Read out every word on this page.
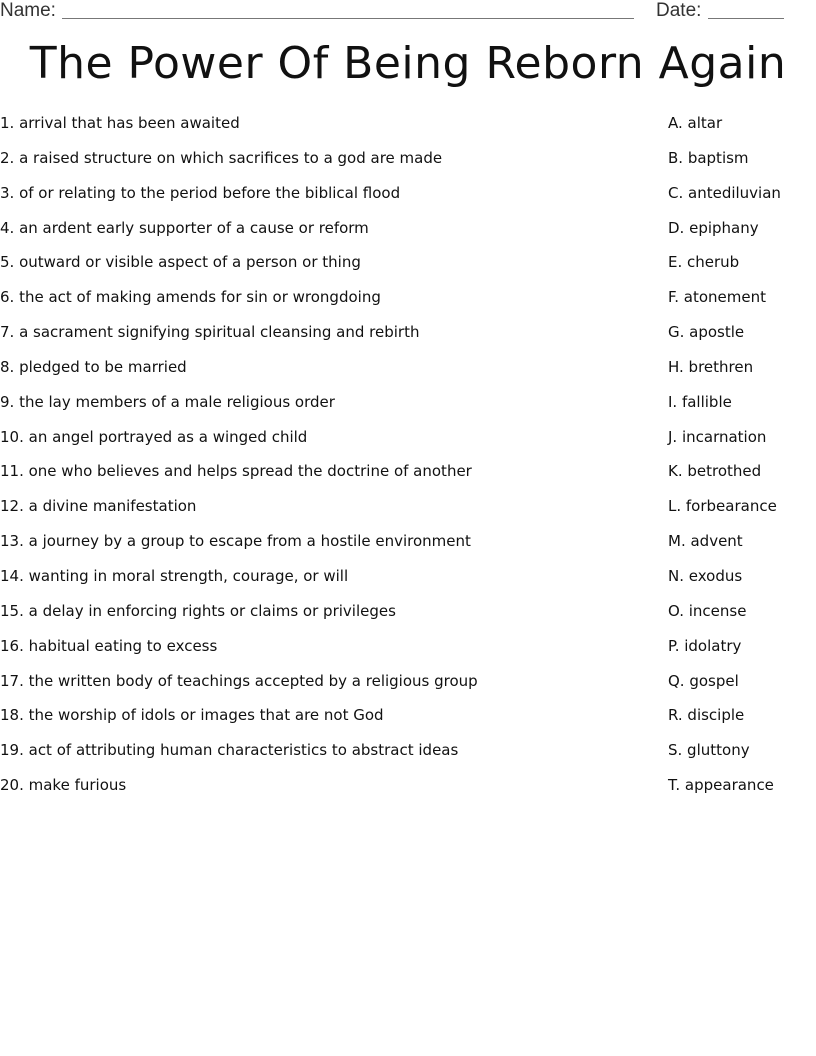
Name:	Date:
The Power Of Being Reborn Again
1. arrival that has been awaited	A. altar
2. a raised structure on which sacrifices to a god are made	B. baptism
3. of or relating to the period before the biblical flood	C. antediluvian
4. an ardent early supporter of a cause or reform	D. epiphany
5. outward or visible aspect of a person or thing	E. cherub
6. the act of making amends for sin or wrongdoing	F. atonement
7. a sacrament signifying spiritual cleansing and rebirth	G. apostle
8. pledged to be married	H. brethren
9. the lay members of a male religious order	I. fallible
10. an angel portrayed as a winged child	J. incarnation
11. one who believes and helps spread the doctrine of another	K. betrothed
12. a divine manifestation	L. forbearance
13. a journey by a group to escape from a hostile environment	M. advent
14. wanting in moral strength, courage, or will	N. exodus
15. a delay in enforcing rights or claims or privileges	O. incense
16. habitual eating to excess	P. idolatry
17. the written body of teachings accepted by a religious group	Q. gospel
18. the worship of idols or images that are not God	R. disciple
19. act of attributing human characteristics to abstract ideas	S. gluttony
20. make furious	T. appearance
